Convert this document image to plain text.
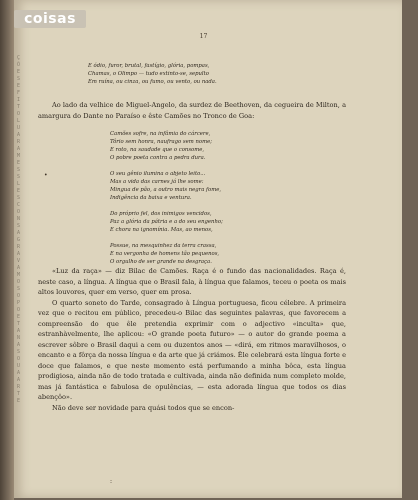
ÇÕESEFITOLUARAMESSLESCONSAGRAVAMOSOPOETANASOUAARTE
coisas
17
E ódio, furor, brutal, fastígio, glória, pompas,
Chamas, o Olimpo — tudo extinto-se, sepulto
Em ruína, ou cinza, ou fumo, ou vento, ou nada.

Ao lado da velhice de Miguel-Angelo, da surdez de Beethoven, da cegueira de Milton, a amargura do Dante no Paraíso e êste Camões no Tronco de Goa:

Camões sofre, na infâmia do cárcere,
Tôrio sem honra, naufrago sem nome;
E roto, na saudade que o consome,
O pobre poeta contra a pedra dura.
O seu gênio ilumina o abjeto leito...
Mas a vida das carnes já lhe some:
Mingua de pão, a outro mais negra fome,
Indigência da baixa e ventura.
Do próprio fel, dos inimigos vencidos,
Paz a glória da pátria e a do seu engenho;
E chora na ignomínia. Mas, ao menos,
Possue, na mesquinhez da terra crassa,
E na vergonha de homens tão pequenos,
O orgulho de ser grande na desgraça.

«Luz da raça» — diz Bilac de Camões. Raça é o fundo das nacionalidades. Raça é, neste caso, a língua. A língua que o Brasil fala, à língua que falamos, teceu o poeta os mais altos louvores, quer em verso, quer em prosa.

O quarto soneto do Tarde, consagrado à Língua portuguesa, ficou célebre. A primeira vez que o recitou em público, precedeu-o Bilac das seguintes palavras, que favorecem a compreensão do que êle pretendia exprimir com o adjectivo «inculta» que, estranhàvelmente, lhe aplicou: «O grande poeta futuro» — o autor do grande poema a escrever sôbre o Brasil daqui a cem ou duzentos anos — «dirá, em ritmos maravilhosos, o encanto e a fôrça da nossa língua e da arte que já criámos. Êle celebrará esta língua forte e doce que falamos, e que neste momento está perfumando a minha bôca, esta língua prodigiosa, ainda não de todo tratada e cultivada, ainda não definida num completo molde, mas já fantástica e fabulosa de opulências, — esta adorada língua que todos os dias abençôo».

Não deve ser novidade para quási todos que se encon-

•
:
